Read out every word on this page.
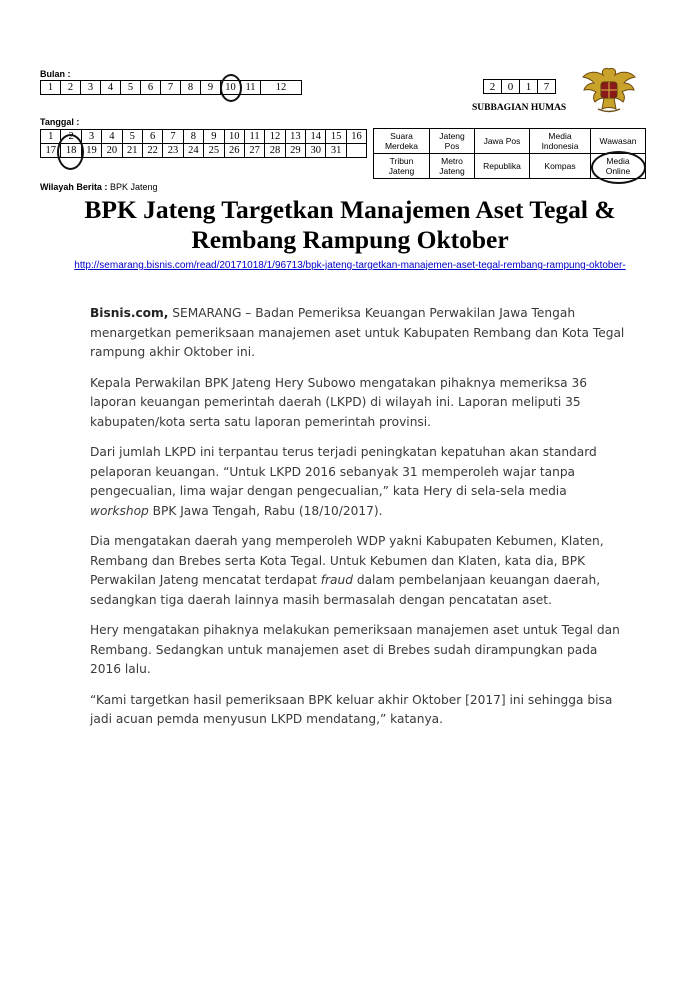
Bulan :
1	2	3	4	5	6	7	8	9	10	11	12	2	0	1	7
SUBBAGIAN HUMAS
Tanggal :
1	2	3	4	5	6	7	8	9	10	11	12	13	14	15	16
17	18	19	20	21	22	23	24	25	26	27	28	29	30	31	
Suara Merdeka	Jateng Pos	Jawa Pos	Media Indonesia	Wawasan
Tribun Jateng	Metro Jateng	Republika	Kompas	Media Online
Wilayah Berita : BPK Jateng
BPK Jateng Targetkan Manajemen Aset Tegal & Rembang Rampung Oktober
http://semarang.bisnis.com/read/20171018/1/96713/bpk-jateng-targetkan-manajemen-aset-tegal-rembang-rampung-oktober-

Bisnis.com, SEMARANG – Badan Pemeriksa Keuangan Perwakilan Jawa Tengah menargetkan pemeriksaan manajemen aset untuk Kabupaten Rembang dan Kota Tegal rampung akhir Oktober ini.

Kepala Perwakilan BPK Jateng Hery Subowo mengatakan pihaknya memeriksa 36 laporan keuangan pemerintah daerah (LKPD) di wilayah ini. Laporan meliputi 35 kabupaten/kota serta satu laporan pemerintah provinsi.

Dari jumlah LKPD ini terpantau terus terjadi peningkatan kepatuhan akan standard pelaporan keuangan. “Untuk LKPD 2016 sebanyak 31 memperoleh wajar tanpa pengecualian, lima wajar dengan pengecualian,” kata Hery di sela-sela media workshop BPK Jawa Tengah, Rabu (18/10/2017).

Dia mengatakan daerah yang memperoleh WDP yakni Kabupaten Kebumen, Klaten, Rembang dan Brebes serta Kota Tegal. Untuk Kebumen dan Klaten, kata dia, BPK Perwakilan Jateng mencatat terdapat fraud dalam pembelanjaan keuangan daerah, sedangkan tiga daerah lainnya masih bermasalah dengan pencatatan aset.

Hery mengatakan pihaknya melakukan pemeriksaan manajemen aset untuk Tegal dan Rembang. Sedangkan untuk manajemen aset di Brebes sudah dirampungkan pada 2016 lalu.

“Kami targetkan hasil pemeriksaan BPK keluar akhir Oktober [2017] ini sehingga bisa jadi acuan pemda menyusun LKPD mendatang,” katanya.
